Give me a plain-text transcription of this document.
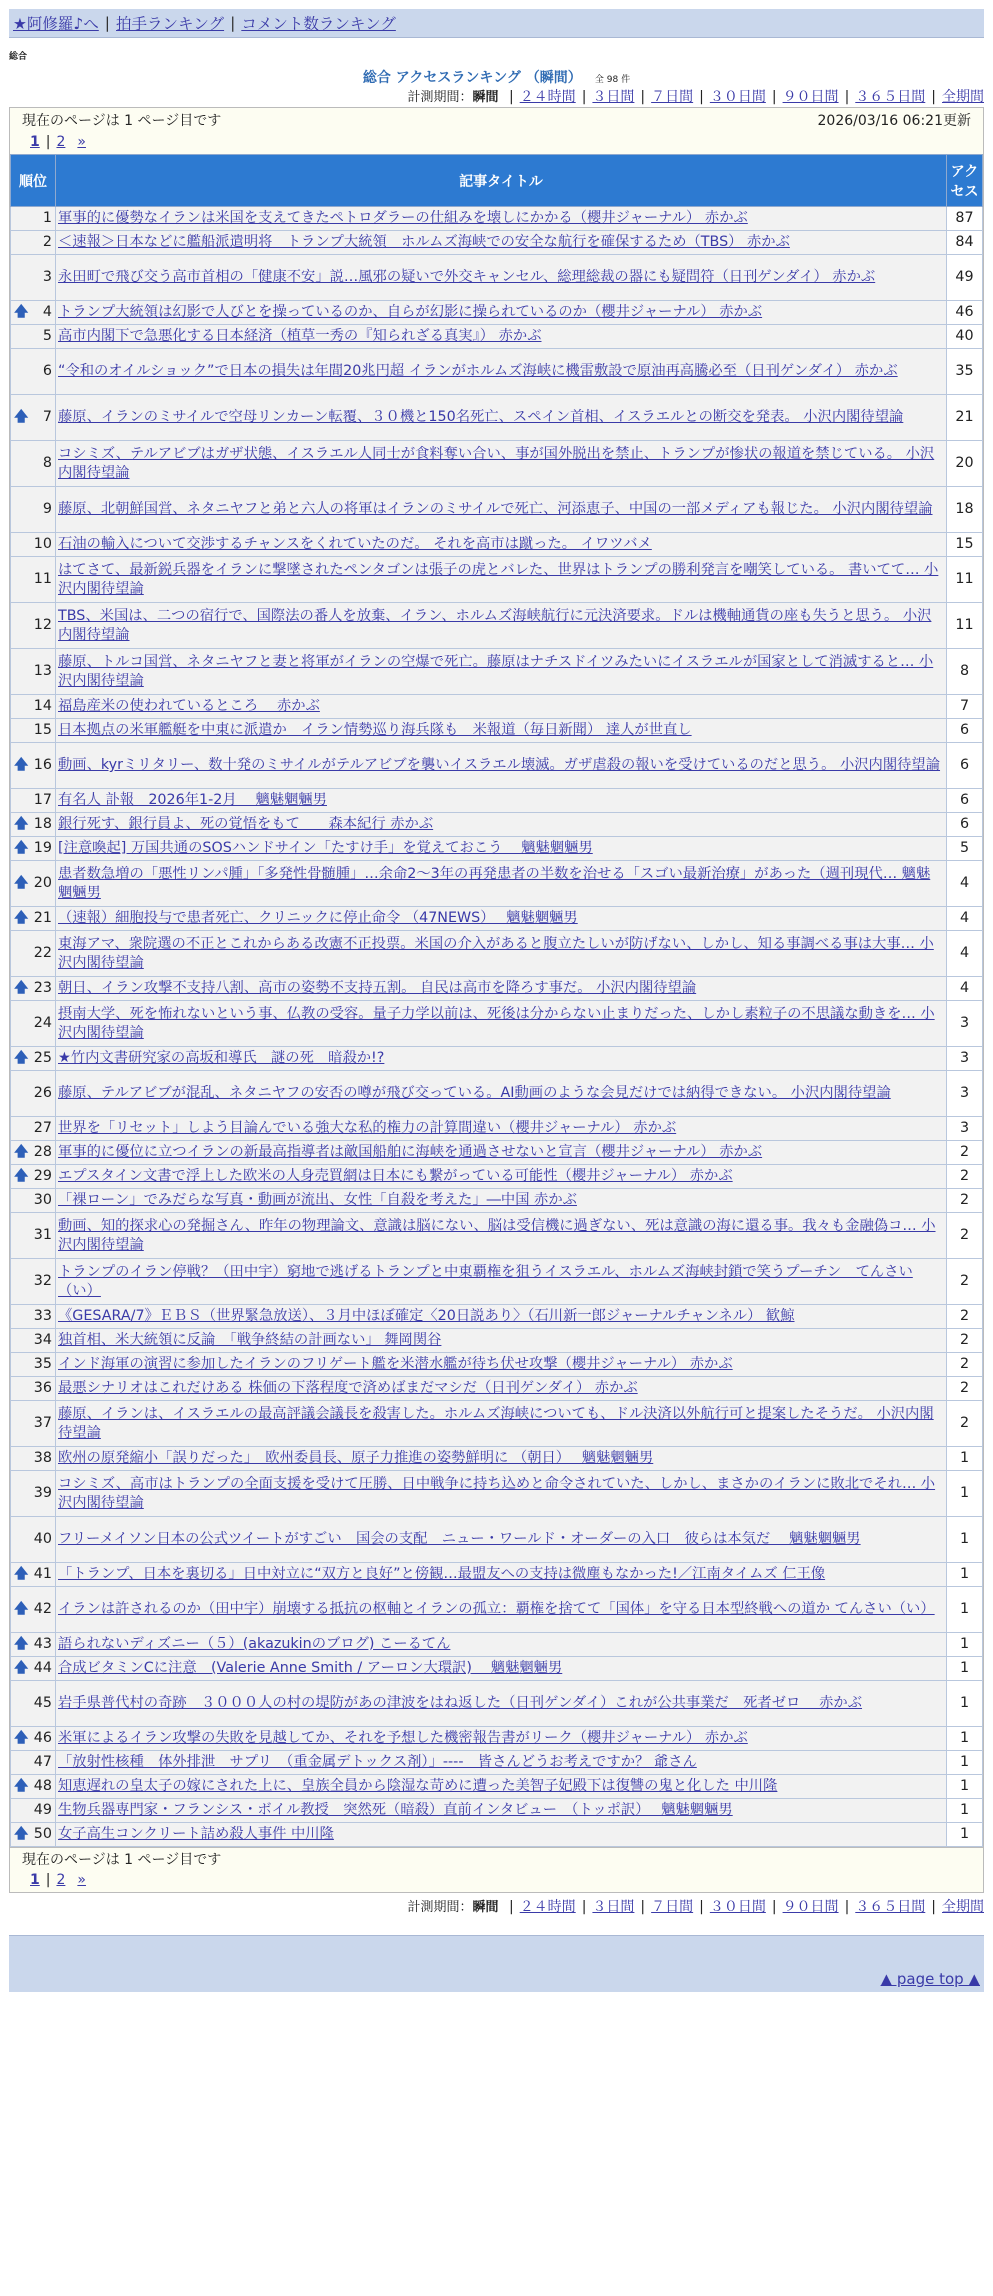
★阿修羅♪へ | 拍手ランキング | コメント数ランキング
総合
総合 アクセスランキング （瞬間） 全 98 件
計測期間：瞬間 | ２４時間 | ３日間 | ７日間 | ３０日間 | ９０日間 | ３６５日間 | 全期間
現在のページは 1 ページ目です	2026/03/16 06:21更新
1 | 2 »
順位	記事タイトル	アクセス
1	軍事的に優勢なイランは米国を支えてきたペトロダラーの仕組みを壊しにかかる（櫻井ジャーナル） 赤かぶ	87
2	＜速報＞日本などに艦船派遣明将　トランプ大統領　ホルムズ海峡での安全な航行を確保するため（TBS） 赤かぶ	84
3	永田町で飛び交う高市首相の「健康不安」説…風邪の疑いで外交キャンセル、総理総裁の器にも疑問符（日刊ゲンダイ） 赤かぶ	49

🡅 4	トランプ大統領は幻影で人びとを操っているのか、自らが幻影に操られているのか（櫻井ジャーナル） 赤かぶ	46
5	高市内閣下で急悪化する日本経済（植草一秀の『知られざる真実』） 赤かぶ	40
6	“令和のオイルショック”で日本の損失は年間20兆円超 イランがホルムズ海峡に機雷敷設で原油再高騰必至（日刊ゲンダイ） 赤かぶ	35

🡅 7	藤原、イランのミサイルで空母リンカーン転覆、３０機と150名死亡、スペイン首相、イスラエルとの断交を発表。 小沢内閣待望論	21
8	コシミズ、テルアビブはガザ状態、イスラエル人同士が食料奪い合い、事が国外脱出を禁止、トランプが惨状の報道を禁じている。 小沢内閣待望論	20
9	藤原、北朝鮮国営、ネタニヤフと弟と六人の将軍はイランのミサイルで死亡、河添恵子、中国の一部メディアも報じた。 小沢内閣待望論	18
10	石油の輸入について交渉するチャンスをくれていたのだ。 それを高市は蹴った。 イワツバメ	15
11	はてさて、最新鋭兵器をイランに撃墜されたペンタゴンは張子の虎とバレた、世界はトランプの勝利発言を嘲笑している。 書いてて… 小沢内閣待望論	11
12	TBS、米国は、二つの宿行で、国際法の番人を放棄、イラン、ホルムズ海峡航行に元決済要求。ドルは機軸通貨の座も失うと思う。 小沢内閣待望論	11
13	藤原、トルコ国営、ネタニヤフと妻と将軍がイランの空爆で死亡。藤原はナチスドイツみたいにイスラエルが国家として消滅すると… 小沢内閣待望論	8
14	福島産米の使われているところ　 赤かぶ	7
15	日本拠点の米軍艦艇を中東に派遣か　イラン情勢巡り海兵隊も　米報道（毎日新聞） 達人が世直し	6

🡅 16	動画、kyrミリタリー、数十発のミサイルがテルアビブを襲いイスラエル壊滅。ガザ虐殺の報いを受けているのだと思う。 小沢内閣待望論	6
17	有名人 訃報　2026年1-2月　 魑魅魍魎男	6

🡅 18	銀行死す、銀行員よ、死の覚悟をもて　　森本紀行 赤かぶ	6

🡅 19	[注意喚起] 万国共通のSOSハンドサイン「たすけ手」を覚えておこう　 魑魅魍魎男	5

🡅 20	患者数急増の「悪性リンパ腫」「多発性骨髄腫」…余命2～3年の再発患者の半数を治せる「スゴい最新治療」があった（週刊現代… 魑魅魍魎男	4

🡅 21	（速報）細胞投与で患者死亡、クリニックに停止命令 （47NEWS）　 魑魅魍魎男	4
22	東海アマ、衆院選の不正とこれからある改憲不正投票。米国の介入があると腹立たしいが防げない、しかし、知る事調べる事は大事… 小沢内閣待望論	4

🡅 23	朝日、イラン攻撃不支持八割、高市の姿勢不支持五割。 自民は高市を降ろす事だ。 小沢内閣待望論	4
24	摂南大学、死を怖れないという事、仏教の受容。量子力学以前は、死後は分からない止まりだった、しかし素粒子の不思議な動きを… 小沢内閣待望論	3

🡅 25	★竹内文書研究家の高坂和導氏　謎の死　暗殺か!?	3
26	藤原、テルアビブが混乱、ネタニヤフの安否の噂が飛び交っている。AI動画のような会見だけでは納得できない。 小沢内閣待望論	3
27	世界を「リセット」しよう目論んでいる強大な私的権力の計算間違い（櫻井ジャーナル） 赤かぶ	3

🡅 28	軍事的に優位に立つイランの新最高指導者は敵国船舶に海峡を通過させないと宣言（櫻井ジャーナル） 赤かぶ	2

🡅 29	エプスタイン文書で浮上した欧米の人身売買網は日本にも繋がっている可能性（櫻井ジャーナル） 赤かぶ	2
30	「裸ローン」でみだらな写真・動画が流出、女性「自殺を考えた」―中国 赤かぶ	2
31	動画、知的探求心の発掘さん、昨年の物理論文、意識は脳にない、脳は受信機に過ぎない、死は意識の海に還る事。我々も金融偽コ… 小沢内閣待望論	2
32	トランプのイラン停戦？（田中宇）窮地で逃げるトランプと中東覇権を狙うイスラエル、ホルムズ海峡封鎖で笑うプーチン　てんさい（い）	2
33	《GESARA/7》ＥＢＳ（世界緊急放送）、３月中ほぼ確定〈20日説あり〉（石川新一郎ジャーナルチャンネル） 歓鯨	2
34	独首相、米大統領に反論　「戦争終結の計画ない」 舞岡関谷	2
35	インド海軍の演習に参加したイランのフリゲート艦を米潜水艦が待ち伏せ攻撃（櫻井ジャーナル） 赤かぶ	2
36	最悪シナリオはこれだけある 株価の下落程度で済めばまだマシだ（日刊ゲンダイ） 赤かぶ	2
37	藤原、イランは、イスラエルの最高評議会議長を殺害した。ホルムズ海峡についても、ドル決済以外航行可と提案したそうだ。 小沢内閣待望論	2
38	欧州の原発縮小「誤りだった」　欧州委員長、原子力推進の姿勢鮮明に （朝日）　 魑魅魍魎男	1
39	コシミズ、高市はトランプの全面支援を受けて圧勝、日中戦争に持ち込めと命令されていた、しかし、まさかのイランに敗北でそれ… 小沢内閣待望論	1
40	フリーメイソン日本の公式ツイートがすごい　国会の支配　ニュー・ワールド・オーダーの入口　彼らは本気だ　 魑魅魍魎男	1

🡅 41	「トランプ、日本を裏切る」日中対立に“双方と良好”と傍観…最盟友への支持は微塵もなかった!／江南タイムズ 仁王像	1

🡅 42	イランは許されるのか（田中宇）崩壊する抵抗の枢軸とイランの孤立：覇権を捨てて「国体」を守る日本型終戦への道か てんさい（い）	1

🡅 43	語られないディズニー（５）(akazukinのブログ) こーるてん	1

🡅 44	合成ビタミンCに注意　(Valerie Anne Smith / アーロン大環訳)　 魑魅魍魎男	1
45	岩手県普代村の奇跡　３０００人の村の堤防があの津波をはね返した（日刊ゲンダイ）これが公共事業だ　死者ゼロ　 赤かぶ	1

🡅 46	米軍によるイラン攻撃の失敗を見越してか、それを予想した機密報告書がリーク（櫻井ジャーナル） 赤かぶ	1
47	「放射性核種　体外排泄　サプリ　（重金属デトックス剤）」----　皆さんどうお考えですか？ 爺さん	1

🡅 48	知恵遅れの皇太子の嫁にされた上に、皇族全員から陰湿な苛めに遭った美智子妃殿下は復讐の鬼と化した 中川隆	1
49	生物兵器専門家・フランシス・ボイル教授　突然死（暗殺）直前インタビュー　（トッポ訳）　 魑魅魍魎男	1

🡅 50	女子高生コンクリート詰め殺人事件 中川隆	1
現在のページは 1 ページ目です
1 | 2 »
計測期間：瞬間 | ２４時間 | ３日間 | ７日間 | ３０日間 | ９０日間 | ３６５日間 | 全期間
▲ page top ▲
